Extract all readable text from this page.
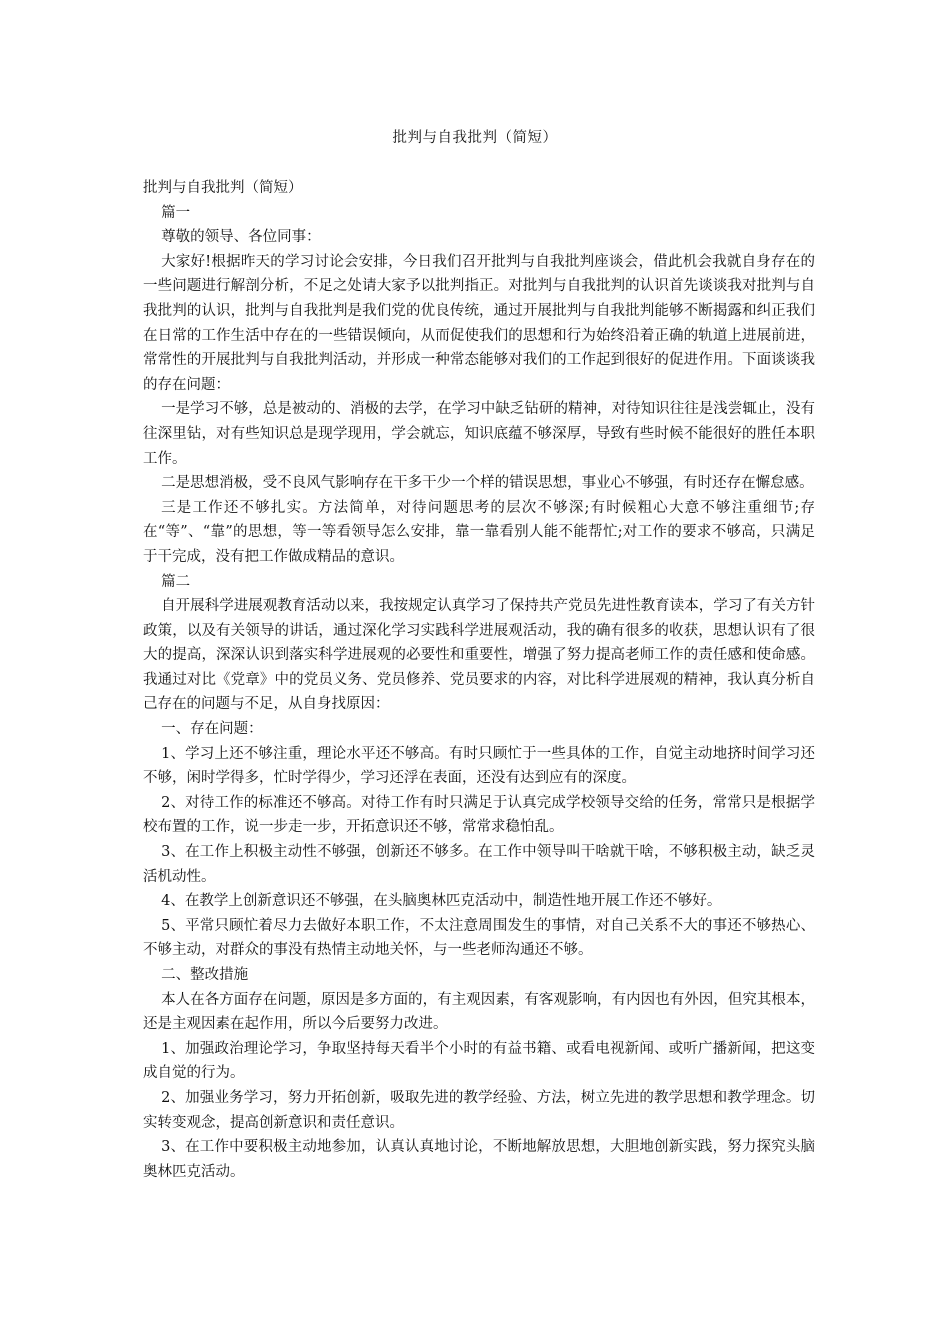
批判与自我批判（简短）

批判与自我批判（简短）

篇一

尊敬的领导、各位同事：

大家好!根据昨天的学习讨论会安排，今日我们召开批判与自我批判座谈会，借此机会我就自身存在的一些问题进行解剖分析，不足之处请大家予以批判指正。对批判与自我批判的认识首先谈谈我对批判与自我批判的认识，批判与自我批判是我们党的优良传统，通过开展批判与自我批判能够不断揭露和纠正我们在日常的工作生活中存在的一些错误倾向，从而促使我们的思想和行为始终沿着正确的轨道上进展前进，常常性的开展批判与自我批判活动，并形成一种常态能够对我们的工作起到很好的促进作用。下面谈谈我的存在问题：

一是学习不够，总是被动的、消极的去学，在学习中缺乏钻研的精神，对待知识往往是浅尝辄止，没有往深里钻，对有些知识总是现学现用，学会就忘，知识底蕴不够深厚，导致有些时候不能很好的胜任本职工作。

二是思想消极，受不良风气影响存在干多干少一个样的错误思想，事业心不够强，有时还存在懈怠感。

三是工作还不够扎实。方法简单，对待问题思考的层次不够深;有时候粗心大意不够注重细节;存在“等”、“靠”的思想，等一等看领导怎么安排，靠一靠看别人能不能帮忙;对工作的要求不够高，只满足于干完成，没有把工作做成精品的意识。

篇二

自开展科学进展观教育活动以来，我按规定认真学习了保持共产党员先进性教育读本，学习了有关方针政策，以及有关领导的讲话，通过深化学习实践科学进展观活动，我的确有很多的收获，思想认识有了很大的提高，深深认识到落实科学进展观的必要性和重要性，增强了努力提高老师工作的责任感和使命感。我通过对比《党章》中的党员义务、党员修养、党员要求的内容，对比科学进展观的精神，我认真分析自己存在的问题与不足，从自身找原因：

一、存在问题：

1、学习上还不够注重，理论水平还不够高。有时只顾忙于一些具体的工作，自觉主动地挤时间学习还不够，闲时学得多，忙时学得少，学习还浮在表面，还没有达到应有的深度。

2、对待工作的标准还不够高。对待工作有时只满足于认真完成学校领导交给的任务，常常只是根据学校布置的工作，说一步走一步，开拓意识还不够，常常求稳怕乱。

3、在工作上积极主动性不够强，创新还不够多。在工作中领导叫干啥就干啥，不够积极主动，缺乏灵活机动性。

4、在教学上创新意识还不够强，在头脑奥林匹克活动中，制造性地开展工作还不够好。

5、平常只顾忙着尽力去做好本职工作，不太注意周围发生的事情，对自己关系不大的事还不够热心、不够主动，对群众的事没有热情主动地关怀，与一些老师沟通还不够。

二、整改措施

本人在各方面存在问题，原因是多方面的，有主观因素，有客观影响，有内因也有外因，但究其根本，还是主观因素在起作用，所以今后要努力改进。

1、加强政治理论学习，争取坚持每天看半个小时的有益书籍、或看电视新闻、或听广播新闻，把这变成自觉的行为。

2、加强业务学习，努力开拓创新，吸取先进的教学经验、方法，树立先进的教学思想和教学理念。切实转变观念，提高创新意识和责任意识。

3、在工作中要积极主动地参加，认真认真地讨论，不断地解放思想，大胆地创新实践，努力探究头脑奥林匹克活动。
